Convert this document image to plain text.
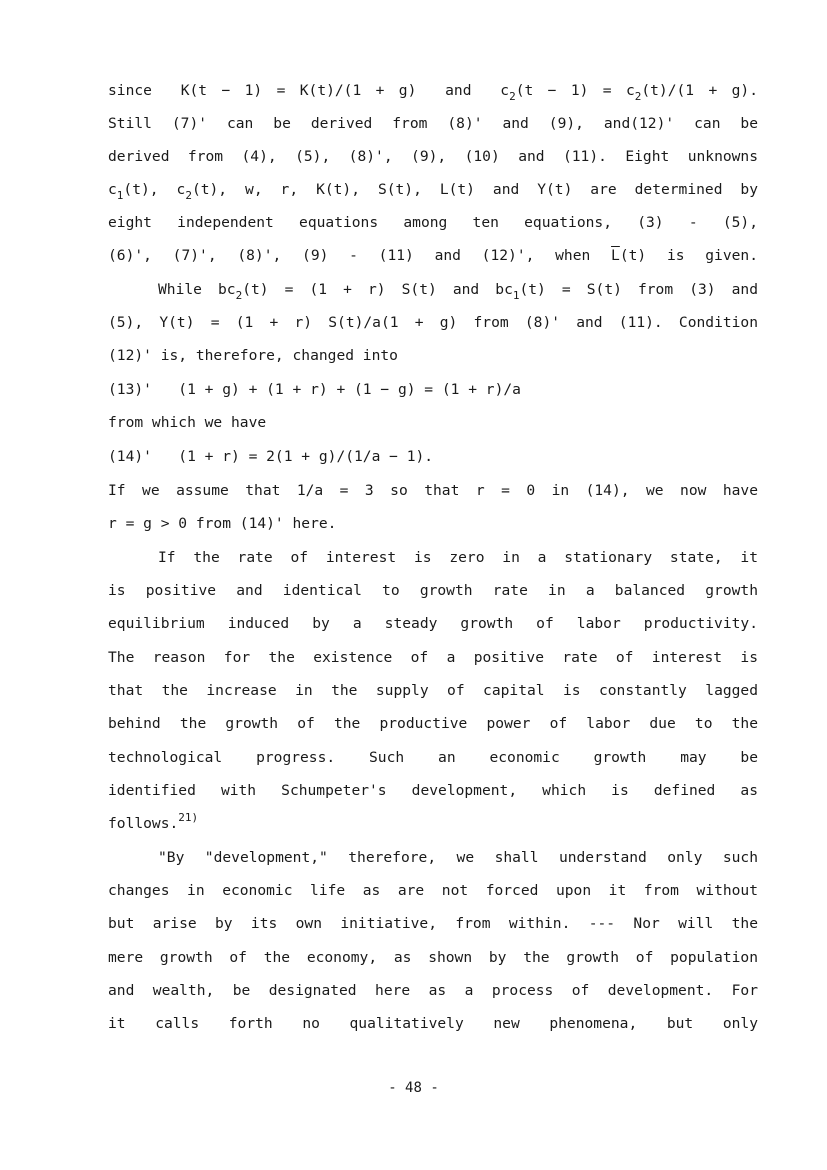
since  K(t − 1) = K(t)/(1 + g)  and  $c_2(t - 1) = c_2(t)/(1 + g)$.
Still (7)' can be derived from (8)' and (9), and(12)' can be
derived from (4), (5), (8)', (9), (10) and (11). Eight unknowns
$c_1(t)$, $c_2(t)$, w, r, K(t), S(t), L(t) and Y(t) are determined by
eight independent equations among ten equations, (3) - (5),
(6)', (7)', (8)', (9) - (11) and (12)', when $\overline{L}(t)$ is given.
While $bc_2(t) = (1 + r)$ S(t) and $bc_1(t) = S(t)$ from (3) and
(5), Y(t) = (1 + r) S(t)/a(1 + g) from (8)' and (11). Condition
(12)' is, therefore, changed into
(13)'   (1 + g) + (1 + r) + (1 − g) = (1 + r)/a
from which we have
(14)'   (1 + r) = 2(1 + g)/(1/a − 1).
If we assume that 1/a = 3 so that r = 0 in (14), we now have
r = g > 0 from (14)' here.
If the rate of interest is zero in a stationary state, it
is positive and identical to growth rate in a balanced growth
equilibrium induced by a steady growth of labor productivity.
The reason for the existence of a positive rate of interest is
that the increase in the supply of capital is constantly lagged
behind the growth of the productive power of labor due to the
technological progress. Such an economic growth may be
identified with Schumpeter's development, which is defined as
follows.$^{21)}$
"By "development," therefore, we shall understand only such
changes in economic life as are not forced upon it from without
but arise by its own initiative, from within. --- Nor will the
mere growth of the economy, as shown by the growth of population
and wealth, be designated here as a process of development. For
it calls forth no qualitatively new phenomena, but only
- 48 -
